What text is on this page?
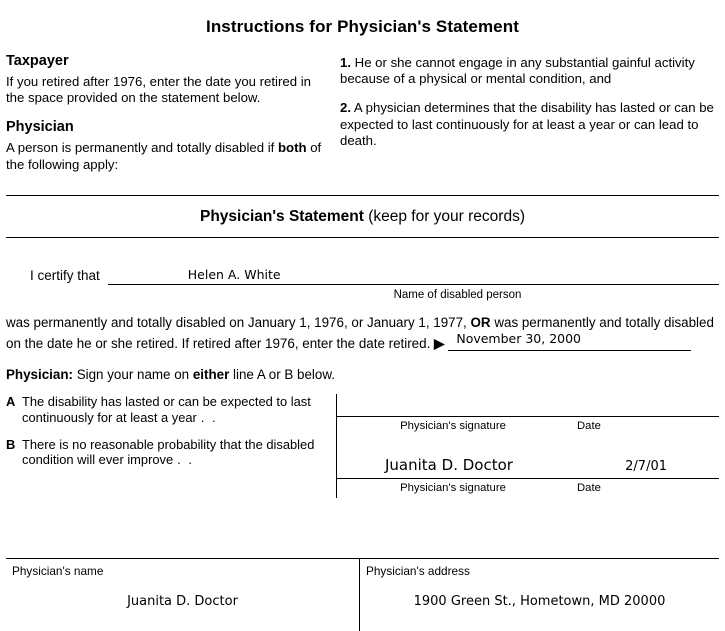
Instructions for Physician's Statement
Taxpayer

If you retired after 1976, enter the date you retired in the space provided on the statement below.

Physician

A person is permanently and totally disabled if both of the following apply:

1. He or she cannot engage in any substantial gainful activity because of a physical or mental condition, and

2. A physician determines that the disability has lasted or can be expected to last continuously for at least a year or can lead to death.

Physician's Statement (keep for your records)
I certify that	Helen A. White
Name of disabled person
was permanently and totally disabled on January 1, 1976, or January 1, 1977, OR was permanently and totally disabled on the date he or she retired. If retired after 1976, enter the date retired. ▶ November 30, 2000
Physician: Sign your name on either line A or B below.
A The disability has lasted or can be expected to last continuously for at least a year . .
B There is no reasonable probability that the disabled condition will ever improve . .
Physician's signature	Date
Juanita D. Doctor	2/7/01
Physician's signature	Date
Physician's name
Juanita D. Doctor
Physician's address
1900 Green St., Hometown, MD 20000
